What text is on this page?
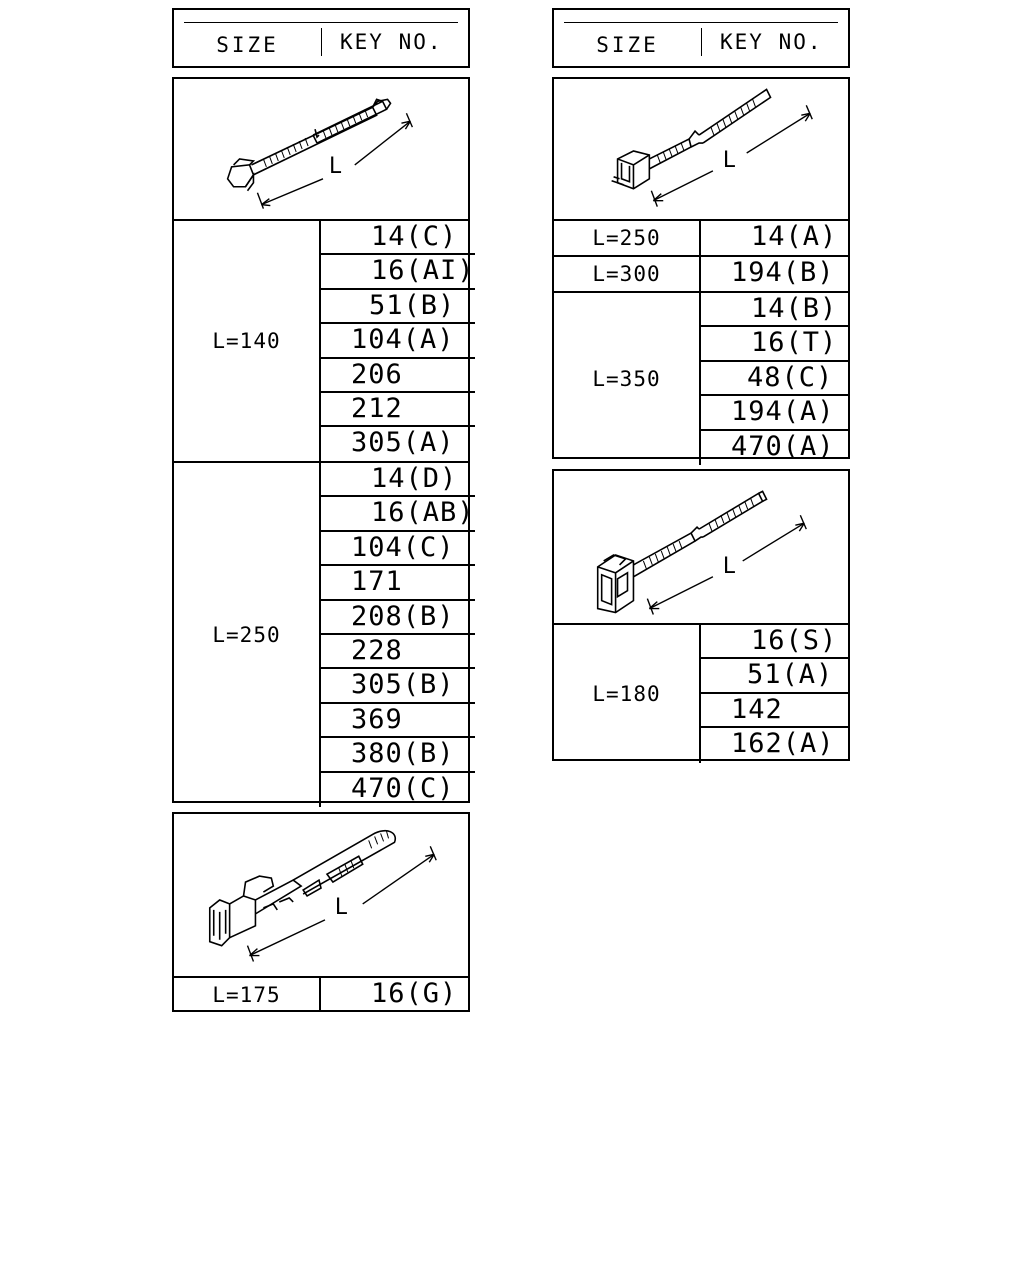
SIZE	KEY NO.	SIZE	KEY NO.
L
L=140
14(C)
16(AI)
51(B)
104(A)
206
212
305(A)
L=250
14(D)
16(AB)
104(C)
171
208(B)
228
305(B)
369
380(B)
470(C)
L
L=175	16(G)
L
L=250	14(A)
L=300	194(B)
L=350
14(B)
16(T)
48(C)
194(A)
470(A)
L
L=180
16(S)
51(A)
142
162(A)
